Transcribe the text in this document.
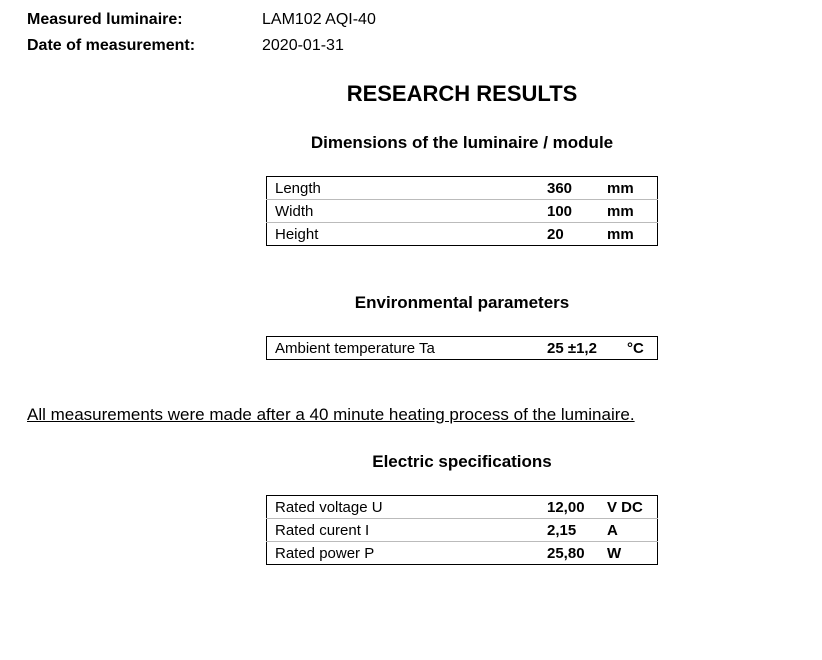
Measured luminaire:	LAM102 AQI-40
Date of measurement:	2020-01-31
RESEARCH RESULTS
Dimensions of the luminaire / module
Length	360	mm
Width	100	mm
Height	20	mm
Environmental parameters
Ambient temperature Ta	25 ±1,2	°C
All measurements were made after a 40 minute heating process of the luminaire.
Electric specifications
Rated voltage U	12,00	V DC
Rated curent I	2,15	A
Rated power P	25,80	W
